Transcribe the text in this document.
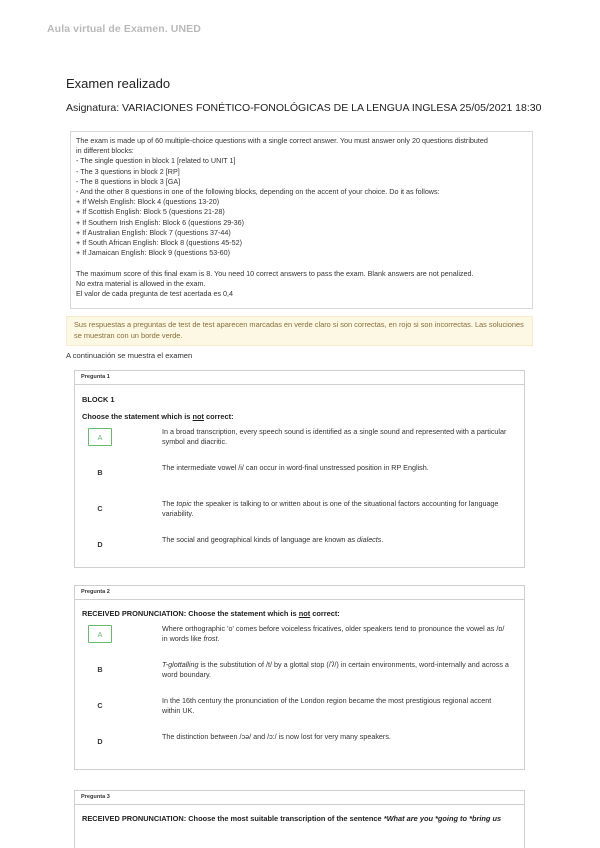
Aula virtual de Examen. UNED
Examen realizado
Asignatura: VARIACIONES FONÉTICO-FONOLÓGICAS DE LA LENGUA INGLESA 25/05/2021 18:30
The exam is made up of 60 multiple-choice questions with a single correct answer. You must answer only 20 questions distributed
in different blocks:
- The single question in block 1 [related to UNIT 1]
- The 3 questions in block 2 [RP]
- The 8 questions in block 3 [GA]
- And the other 8 questions in one of the following blocks, depending on the accent of your choice. Do it as follows:
+ If Welsh English: Block 4 (questions 13-20)
+ If Scottish English: Block 5 (questions 21-28)
+ If Southern Irish English: Block 6 (questions 29-36)
+ If Australian English: Block 7 (questions 37-44)
+ If South African English: Block 8 (questions 45-52)
+ If Jamaican English: Block 9 (questions 53-60)
The maximum score of this final exam is 8. You need 10 correct answers to pass the exam. Blank answers are not penalized.
No extra material is allowed in the exam.
El valor de cada pregunta de test acertada es 0,4
Sus respuestas a preguntas de test de test aparecen marcadas en verde claro si son correctas, en rojo si son incorrectas. Las soluciones se muestran con un borde verde.
A continuación se muestra el examen
Pregunta 1
BLOCK 1
Choose the statement which is not correct:
A
In a broad transcription, every speech sound is identified as a single sound and represented with a particular symbol and diacritic.
B
The intermediate vowel /i/ can occur in word-final unstressed position in RP English.
C
The topic the speaker is talking to or written about is one of the situational factors accounting for language variability.
D
The social and geographical kinds of language are known as dialects.
Pregunta 2
RECEIVED PRONUNCIATION: Choose the statement which is not correct:
A
Where orthographic 'o' comes before voiceless fricatives, older speakers tend to pronounce the vowel as /ɒ/ in words like frost.
B
T-glottalling is the substitution of /t/ by a glottal stop (/ʔ/) in certain environments, word-internally and across a word boundary.
C
In the 16th century the pronunciation of the London region became the most prestigious regional accent within UK.
D
The distinction between /ɔə/ and /ɔ:/ is now lost for very many speakers.
Pregunta 3
RECEIVED PRONUNCIATION: Choose the most suitable transcription of the sentence *What are you *going to *bring us
